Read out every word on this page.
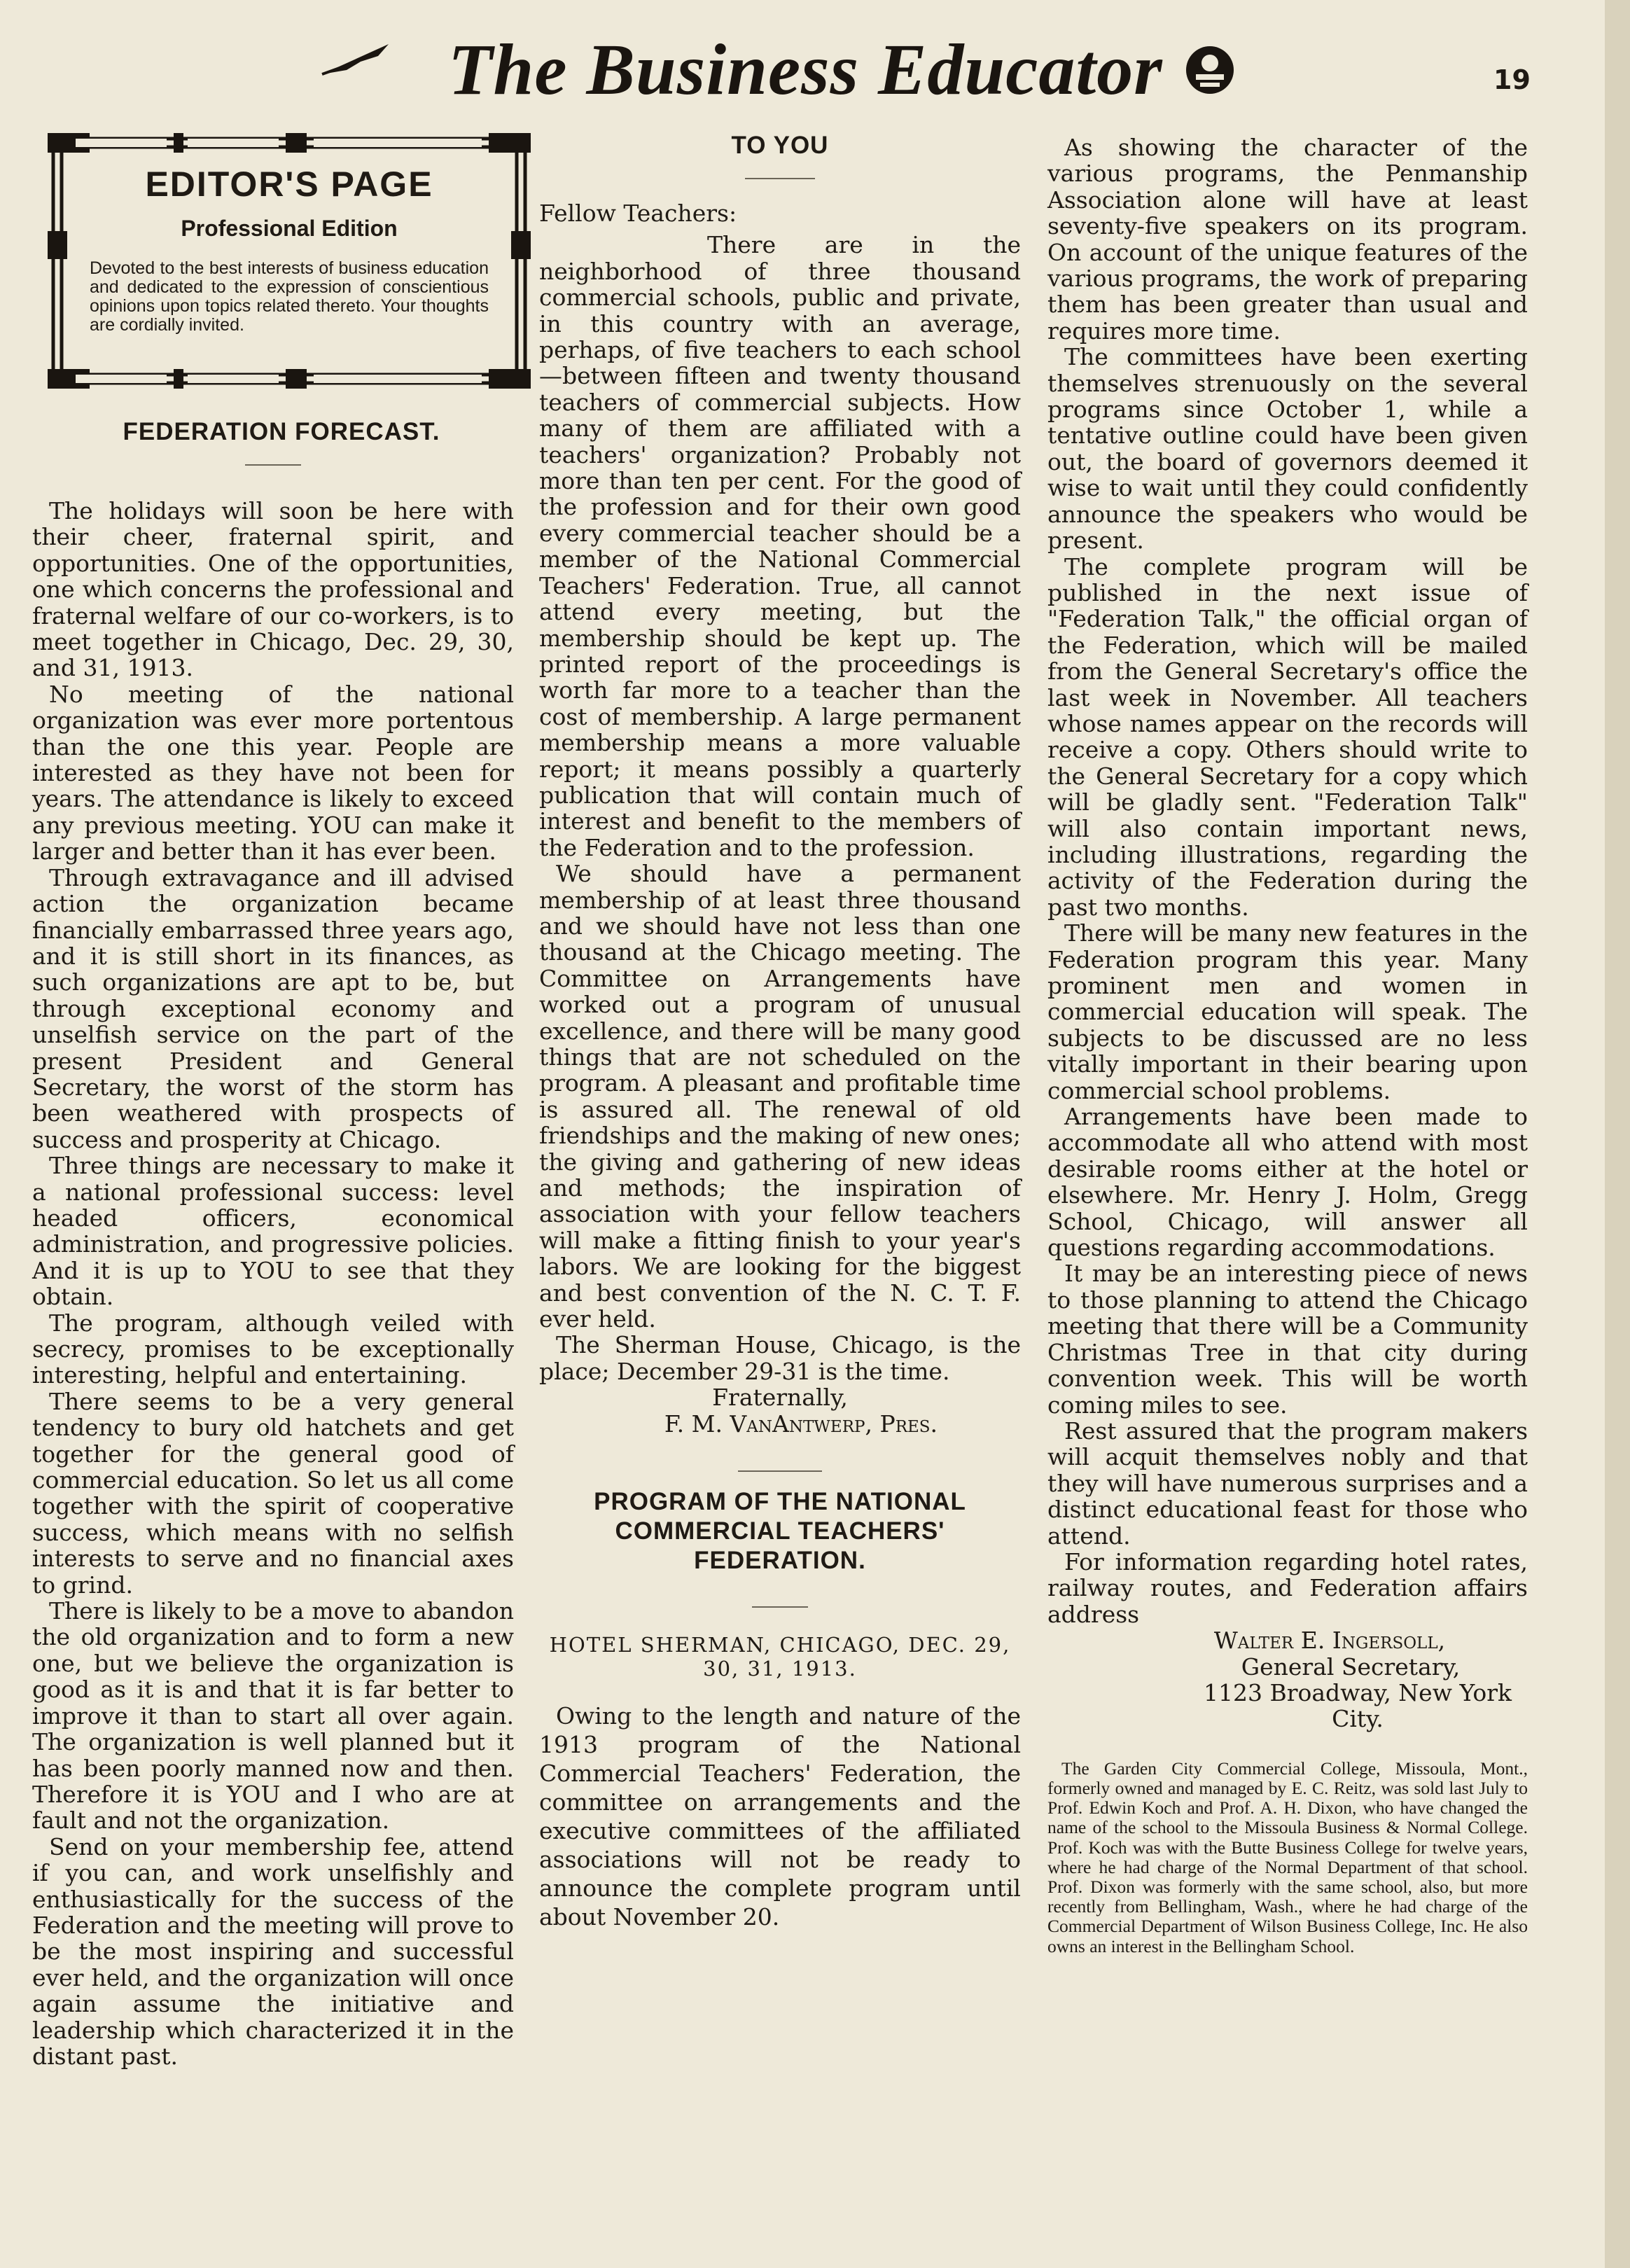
The Business Educator	19
EDITOR'S PAGE
Professional Edition
Devoted to the best interests of business education and dedicated to the expression of conscientious opinions upon topics related thereto. Your thoughts are cordially invited.
FEDERATION FORECAST.

The holidays will soon be here with their cheer, fraternal spirit, and opportunities. One of the opportunities, one which concerns the professional and fraternal welfare of our co-workers, is to meet together in Chicago, Dec. 29, 30, and 31, 1913.

No meeting of the national organization was ever more portentous than the one this year. People are interested as they have not been for years. The attendance is likely to exceed any previous meeting. YOU can make it larger and better than it has ever been.

Through extravagance and ill advised action the organization became financially embarrassed three years ago, and it is still short in its finances, as such organizations are apt to be, but through exceptional economy and unselfish service on the part of the present President and General Secretary, the worst of the storm has been weathered with prospects of success and prosperity at Chicago.

Three things are necessary to make it a national professional success: level headed officers, economical administration, and progressive policies. And it is up to YOU to see that they obtain.

The program, although veiled with secrecy, promises to be exceptionally interesting, helpful and entertaining.

There seems to be a very general tendency to bury old hatchets and get together for the general good of commercial education. So let us all come together with the spirit of cooperative success, which means with no selfish interests to serve and no financial axes to grind.

There is likely to be a move to abandon the old organization and to form a new one, but we believe the organization is good as it is and that it is far better to improve it than to start all over again. The organization is well planned but it has been poorly manned now and then. Therefore it is YOU and I who are at fault and not the organization.

Send on your membership fee, attend if you can, and work unselfishly and enthusiastically for the success of the Federation and the meeting will prove to be the most inspiring and successful ever held, and the organization will once again assume the initiative and leadership which characterized it in the distant past.

TO YOU

Fellow Teachers:

There are in the neighborhood of three thousand commercial schools, public and private, in this country with an average, perhaps, of five teachers to each school —between fifteen and twenty thousand teachers of commercial subjects. How many of them are affiliated with a teachers' organization? Probably not more than ten per cent. For the good of the profession and for their own good every commercial teacher should be a member of the National Commercial Teachers' Federation. True, all cannot attend every meeting, but the membership should be kept up. The printed report of the proceedings is worth far more to a teacher than the cost of membership. A large permanent membership means a more valuable report; it means possibly a quarterly publication that will contain much of interest and benefit to the members of the Federation and to the profession.

We should have a permanent membership of at least three thousand and we should have not less than one thousand at the Chicago meeting. The Committee on Arrangements have worked out a program of unusual excellence, and there will be many good things that are not scheduled on the program. A pleasant and profitable time is assured all. The renewal of old friendships and the making of new ones; the giving and gathering of new ideas and methods; the inspiration of association with your fellow teachers will make a fitting finish to your year's labors. We are looking for the biggest and best convention of the N. C. T. F. ever held.

The Sherman House, Chicago, is the place; December 29-31 is the time.

Fraternally,

F. M. VanAntwerp, Pres.

PROGRAM OF THE NATIONAL COMMERCIAL TEACHERS' FEDERATION.

HOTEL SHERMAN, CHICAGO, DEC. 29, 30, 31, 1913.

Owing to the length and nature of the 1913 program of the National Commercial Teachers' Federation, the committee on arrangements and the executive committees of the affiliated associations will not be ready to announce the complete program until about November 20.

As showing the character of the various programs, the Penmanship Association alone will have at least seventy-five speakers on its program. On account of the unique features of the various programs, the work of preparing them has been greater than usual and requires more time.

The committees have been exerting themselves strenuously on the several programs since October 1, while a tentative outline could have been given out, the board of governors deemed it wise to wait until they could confidently announce the speakers who would be present.

The complete program will be published in the next issue of "Federation Talk," the official organ of the Federation, which will be mailed from the General Secretary's office the last week in November. All teachers whose names appear on the records will receive a copy. Others should write to the General Secretary for a copy which will be gladly sent. "Federation Talk" will also contain important news, including illustrations, regarding the activity of the Federation during the past two months.

There will be many new features in the Federation program this year. Many prominent men and women in commercial education will speak. The subjects to be discussed are no less vitally important in their bearing upon commercial school problems.

Arrangements have been made to accommodate all who attend with most desirable rooms either at the hotel or elsewhere. Mr. Henry J. Holm, Gregg School, Chicago, will answer all questions regarding accommodations.

It may be an interesting piece of news to those planning to attend the Chicago meeting that there will be a Community Christmas Tree in that city during convention week. This will be worth coming miles to see.

Rest assured that the program makers will acquit themselves nobly and that they will have numerous surprises and a distinct educational feast for those who attend.

For information regarding hotel rates, railway routes, and Federation affairs address

Walter E. Ingersoll,

General Secretary,

1123 Broadway, New York City.

The Garden City Commercial College, Missoula, Mont., formerly owned and managed by E. C. Reitz, was sold last July to Prof. Edwin Koch and Prof. A. H. Dixon, who have changed the name of the school to the Missoula Business & Normal College. Prof. Koch was with the Butte Business College for twelve years, where he had charge of the Normal Department of that school. Prof. Dixon was formerly with the same school, also, but more recently from Bellingham, Wash., where he had charge of the Commercial Department of Wilson Business College, Inc. He also owns an interest in the Bellingham School.
